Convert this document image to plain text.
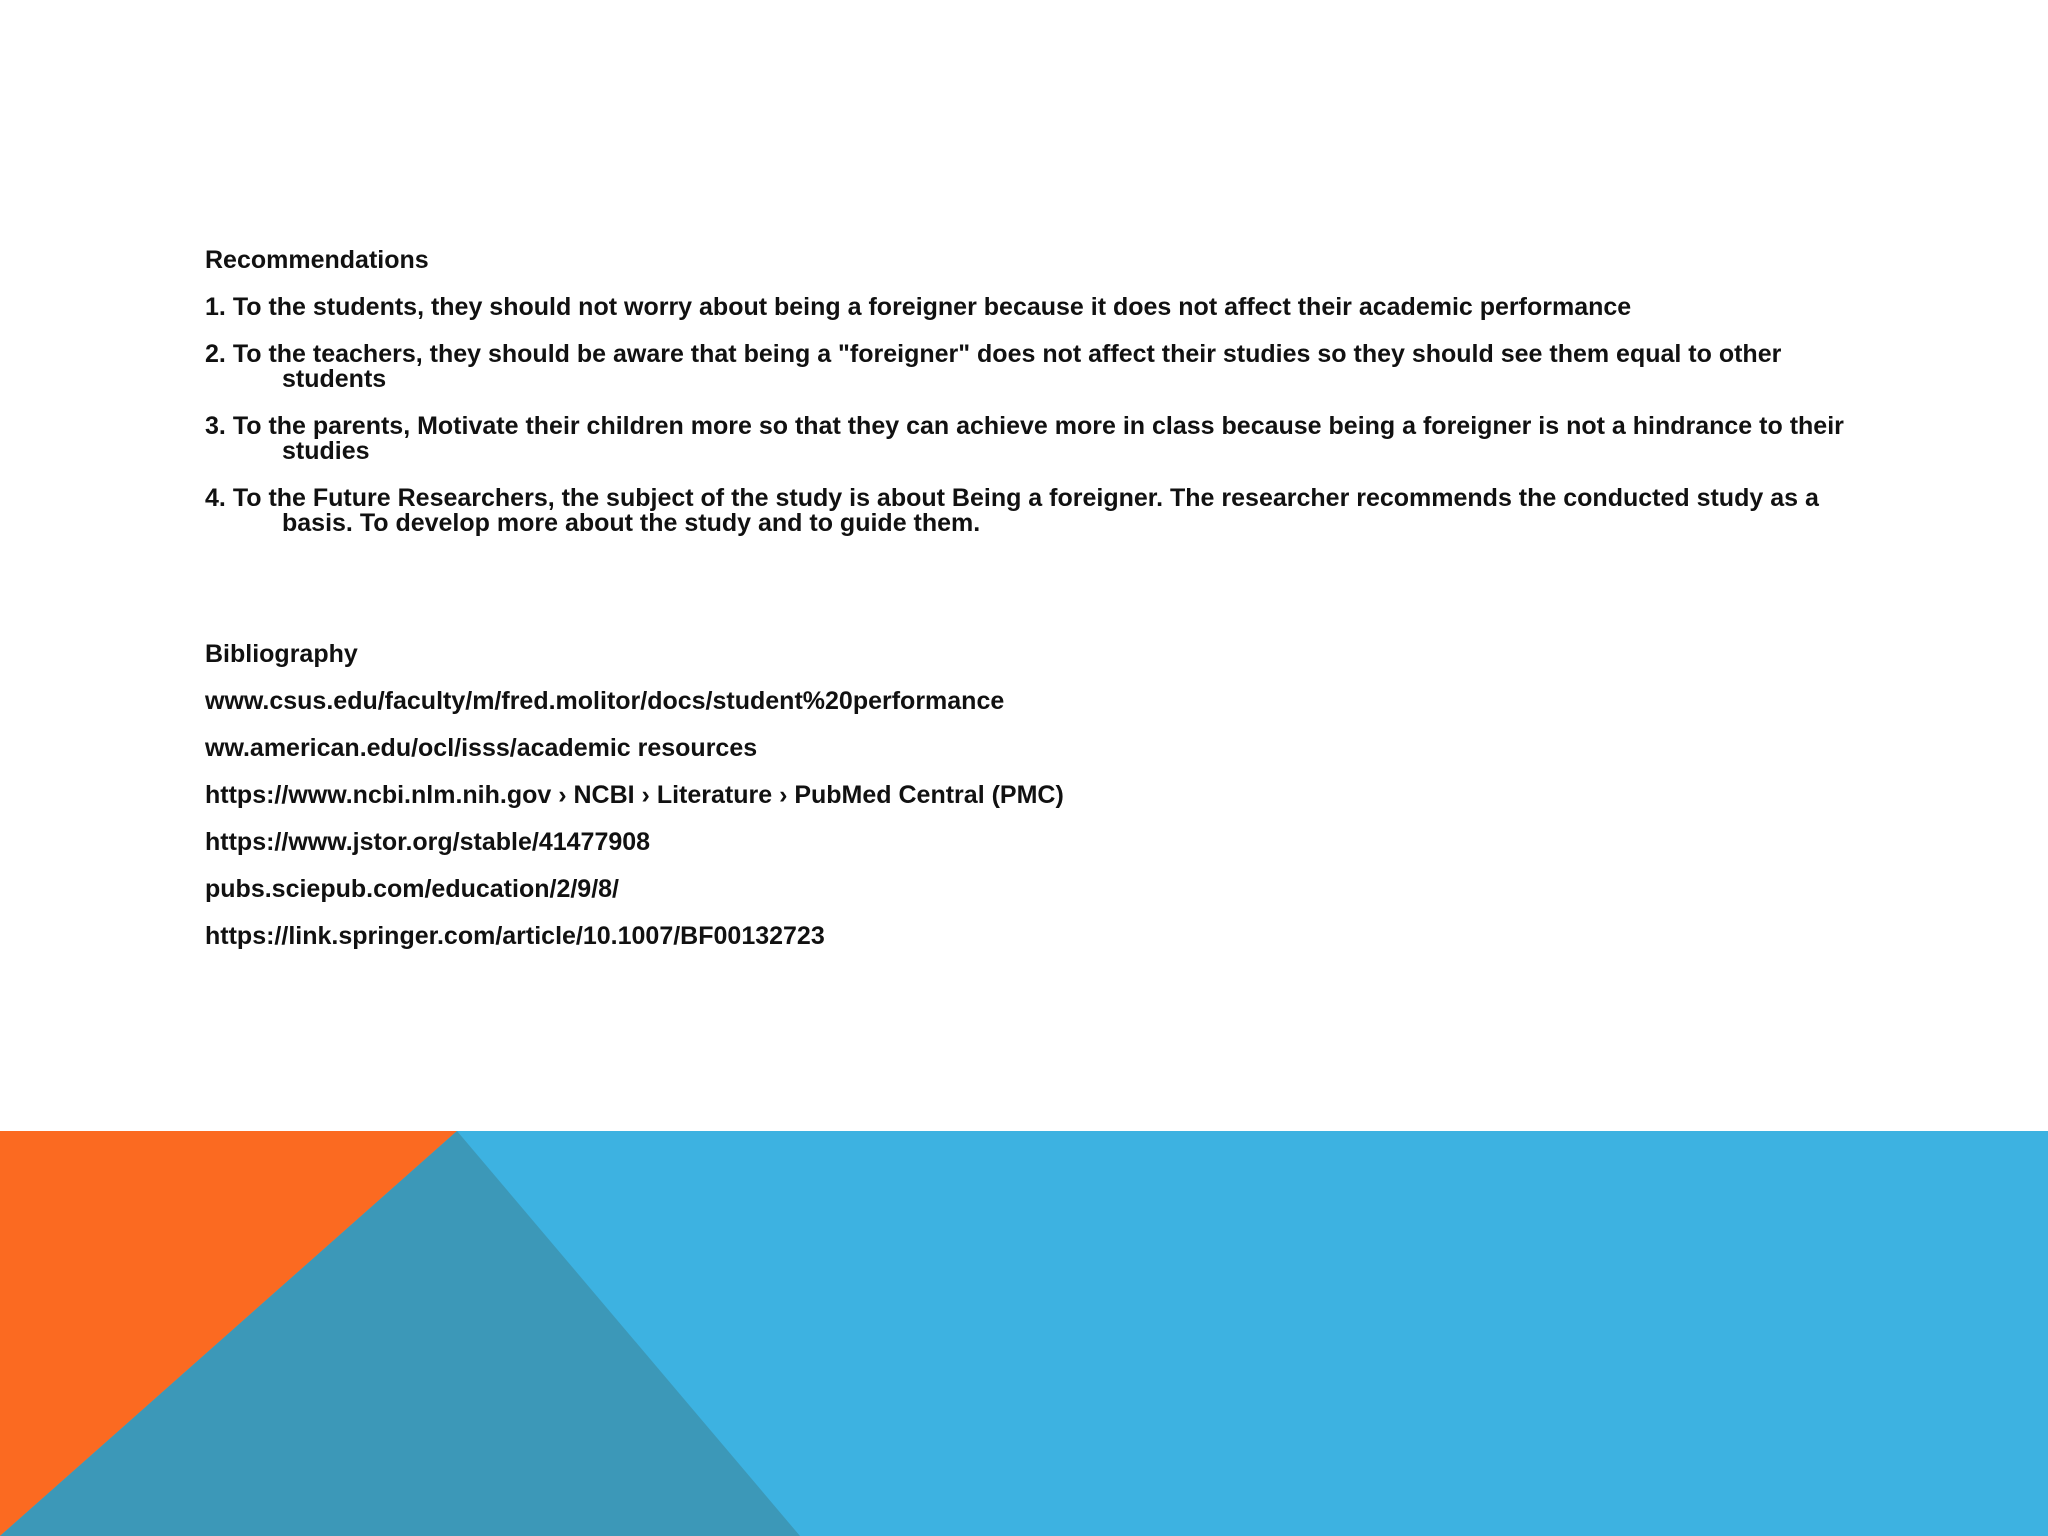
Recommendations
1. To the students, they should not worry about being a foreigner because it does not affect their academic performance
2. To the teachers, they should be aware that being a "foreigner" does not affect their studies so they should see them equal to other students
3. To the parents, Motivate their children more so that they can achieve more in class because being a foreigner is not a hindrance to their studies
4. To the Future Researchers, the subject of the study is about Being a foreigner. The researcher recommends the conducted study as a basis. To develop more about the study and to guide them.
Bibliography
www.csus.edu/faculty/m/fred.molitor/docs/student%20performance
ww.american.edu/ocl/isss/academic resources
https://www.ncbi.nlm.nih.gov › NCBI › Literature › PubMed Central (PMC)
https://www.jstor.org/stable/41477908
pubs.sciepub.com/education/2/9/8/
https://link.springer.com/article/10.1007/BF00132723
